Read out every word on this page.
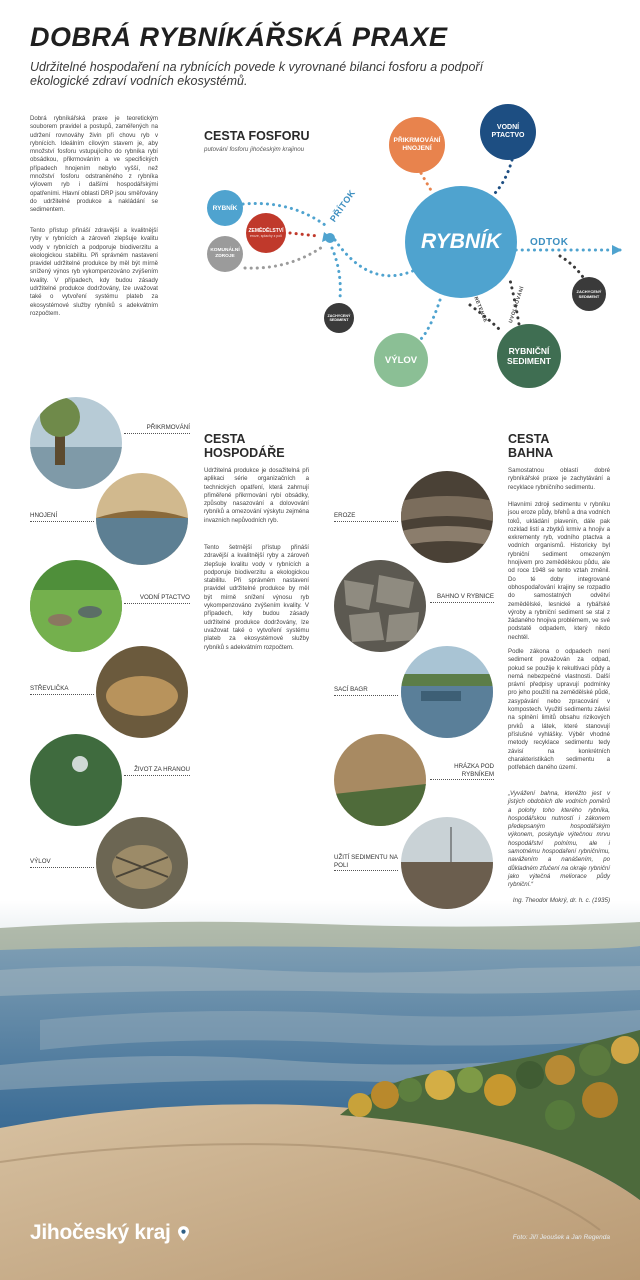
DOBRÁ RYBNÍKÁŘSKÁ PRAXE

Udržitelné hospodaření na rybnících povede k vyrovnané bilanci fosforu a podpoří ekologické zdraví vodních ekosystémů.

Dobrá rybníkářská praxe je teoretickým souborem pravidel a postupů, zaměřených na udržení rovnováhy živin při chovu ryb v rybnících. Ideálním cílovým stavem je, aby množství fosforu vstupujícího do rybníka rybí obsádkou, přikrmováním a ve specifických případech hnojením nebylo vyšší, než množství fosforu odstraněného z rybníka výlovem ryb i dalšími hospodářskými opatřeními. Hlavní oblasti DRP jsou směřovány do udržitelné produkce a nakládání se sedimentem.

Tento přístup přináší zdravější a kvalitnější ryby v rybnících a zároveň zlepšuje kvalitu vody v rybnících a podporuje biodiverzitu a ekologickou stabilitu. Při správném nastavení pravidel udržitelné produkce by měl být mírně snížený výnos ryb vykompenzováno zvýšením kvality. V případech, kdy budou zásady udržitelné produkce dodržovány, lze uvažovat také o vytvoření systému plateb za ekosystémové služby rybníků s adekvátním rozpočtem.

CESTA FOSFORU

putování fosforu jihočeským krajinou

RYBNÍK
ZEMĚDĚLSTVÍ
eroze, splachy z polí
KOMUNÁLNÍ ZDROJE
PŘIKRMOVÁNÍ HNOJENÍ
VODNÍ PTACTVO
RYBNÍK
ZACHYCENÝ SEDIMENT
ZACHYCENÝ SEDIMENT
VÝLOV
RYBNIČNÍ SEDIMENT
PŘÍTOK
ODTOK
RETENCE	UVOLŇOVÁNÍ
CESTA
HOSPODÁŘE

Udržitelná produkce je dosažitelná při aplikaci série organizačních a technických opatření, která zahrnují přiměřené přikrmování rybí obsádky, způsoby nasazování a dolovování rybníků a omezování výskytu zejména invazních nepůvodních ryb.

Tento šetrnější přístup přináší zdravější a kvalitnější ryby a zároveň zlepšuje kvalitu vody v rybnících a podporuje biodiverzitu a ekologickou stabilitu. Při správném nastavení pravidel udržitelné produkce by měl být mírně snížení výnosu ryb vykompenzováno zvýšením kvality. V případech, kdy budou zásady udržitelné produkce dodržovány, lze uvažovat také o vytvoření systému plateb za ekosystémové služby rybníků s adekvátním rozpočtem.

PŘIKRMOVÁNÍ
HNOJENÍ
VODNÍ PTACTVO
STŘEVLIČKA
ŽIVOT ZA HRANOU
VÝLOV
CESTA
BAHNA

Samostatnou oblastí dobré rybníkářské praxe je zachytávání a recyklace rybničního sedimentu.

Hlavními zdroji sedimentu v rybníku jsou eroze půdy, břehů a dna vodních toků, ukládání plavenin, dále pak rozklad listí a zbytků krmiv a hnojiv a exkrementy ryb, vodního ptactva a vodních organismů. Historicky byl rybniční sediment omezeným hnojivem pro zemědělskou půdu, ale od roce 1948 se tento vztah změnil. Do té doby integrované obhospodařování krajiny se rozpadlo do samostatných odvětví zemědělské, lesnické a rybářské výroby a rybniční sediment se stal z žádaného hnojiva problémem, ve své podstatě odpadem, který nikdo nechtěl.

Podle zákona o odpadech není sediment považován za odpad, pokud se použije k rekultivaci půdy a nemá nebezpečné vlastnosti. Další právní předpisy upravují podmínky pro jeho použití na zemědělské půdě, zasypávání nebo zpracování v kompostech. Využití sedimentu závisí na splnění limitů obsahu rizikových prvků a látek, které stanovují příslušné vyhlášky. Výběr vhodné metody recyklace sedimentu tedy závisí na konkrétních charakteristikách sedimentu a potřebách daného území.

„Vyvážení bahna, kteréžto jest v jistých obdobích dle vodních poměrů a polohy toho kterého rybníka, hospodářskou nutností i zákonem předepsaným hospodářským výkonem, poskytuje výtečnou mrvu hospodářství polnímu, ale i samotnému hospodaření rybničnímu, navážením a nanášením, po důkladném zfučení na okraje rybniční jako výtečná meliorace půdy rybniční.“

Ing. Theodor Mokrý, dr. h. c. (1935)
EROZE
BAHNO V RYBNICE
SACÍ BAGR
HRÁZKA POD RYBNÍKEM
UŽITÍ SEDIMENTU NA POLI
Jihočeský kraj	Foto: Jiří Jeoušek a Jan Regenda
